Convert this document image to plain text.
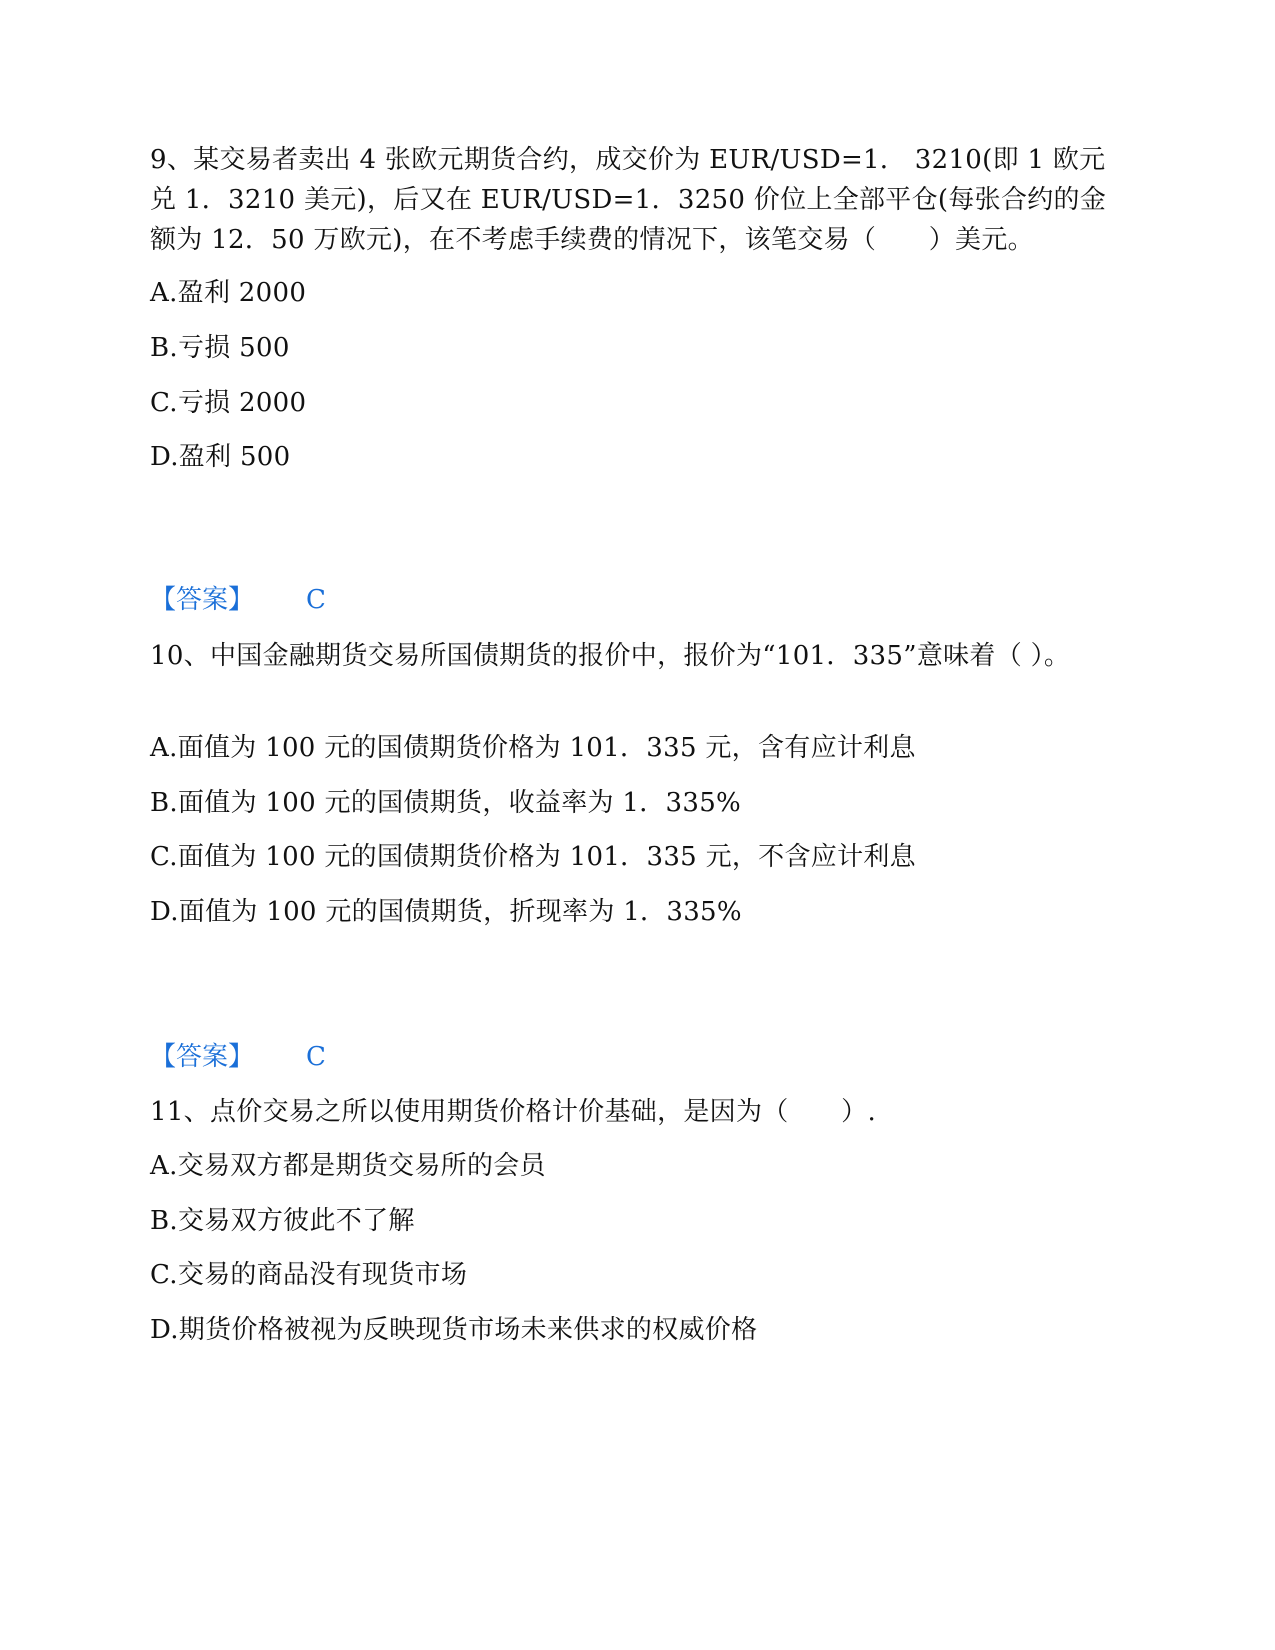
9、某交易者卖出 4 张欧元期货合约，成交价为 EUR/USD=1． 3210(即 1 欧元兑 1．3210 美元)，后又在 EUR/USD=1．3250 价位上全部平仓(每张合约的金额为 12．50 万欧元)，在不考虑手续费的情况下，该笔交易（　　）美元。

A.盈利 2000

B.亏损 500

C.亏损 2000

D.盈利 500

【答案】 C

10、中国金融期货交易所国债期货的报价中，报价为“101．335”意味着（ ）。

A.面值为 100 元的国债期货价格为 101．335 元，含有应计利息

B.面值为 100 元的国债期货，收益率为 1．335%

C.面值为 100 元的国债期货价格为 101．335 元，不含应计利息

D.面值为 100 元的国债期货，折现率为 1．335%

【答案】 C

11、点价交易之所以使用期货价格计价基础，是因为（　　）.

A.交易双方都是期货交易所的会员

B.交易双方彼此不了解

C.交易的商品没有现货市场

D.期货价格被视为反映现货市场未来供求的权威价格
